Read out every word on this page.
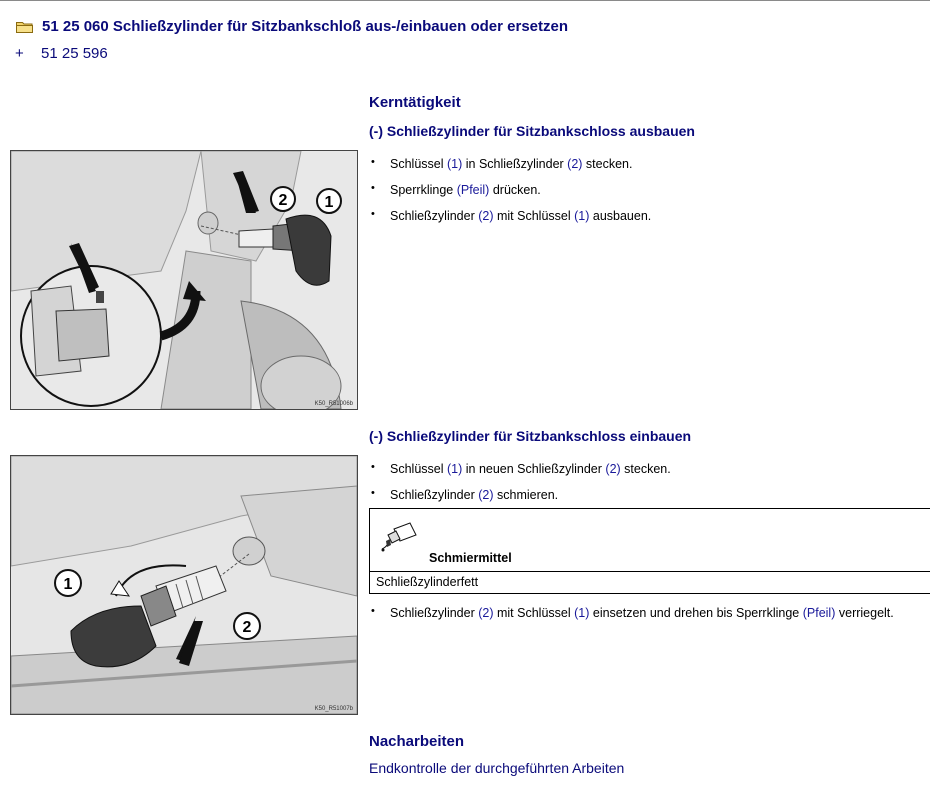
51 25 060 Schließzylinder für Sitzbankschloß aus-/einbauen oder ersetzen
+ 51 25 596
Kerntätigkeit
(-) Schließzylinder für Sitzbankschloss ausbauen
2 1
K50_R51006b
• Schlüssel (1) in Schließzylinder (2) stecken.
• Sperrklinge (Pfeil) drücken.
• Schließzylinder (2) mit Schlüssel (1) ausbauen.
(-) Schließzylinder für Sitzbankschloss einbauen
1
2
K50_R51007b
• Schlüssel (1) in neuen Schließzylinder (2) stecken.
• Schließzylinder (2) schmieren.
Schmiermittel
Schließzylinderfett
• Schließzylinder (2) mit Schlüssel (1) einsetzen und drehen bis Sperrklinge (Pfeil) verriegelt.
Nacharbeiten
Endkontrolle der durchgeführten Arbeiten
